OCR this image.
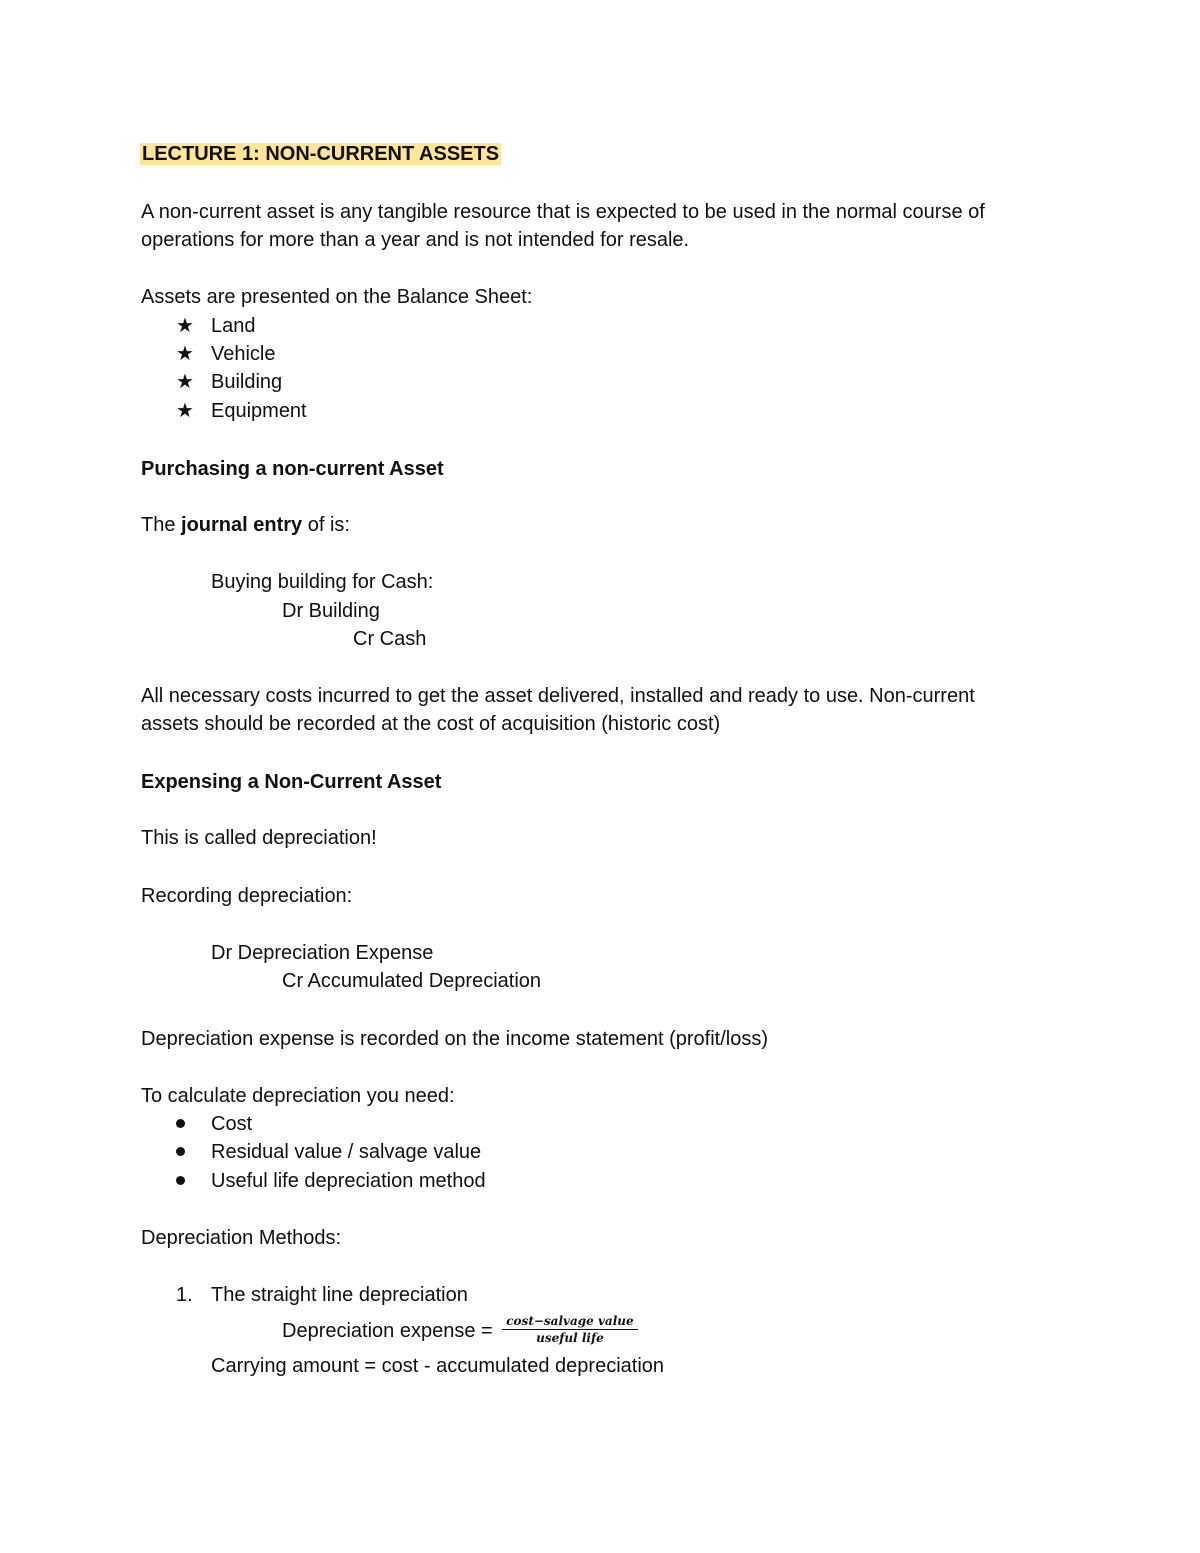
LECTURE 1: NON-CURRENT ASSETS
A non-current asset is any tangible resource that is expected to be used in the normal course of
operations for more than a year and is not intended for resale.
Assets are presented on the Balance Sheet:
★ Land
★ Vehicle
★ Building
★ Equipment
Purchasing a non-current Asset
The journal entry of is:
Buying building for Cash:
Dr Building
Cr Cash
All necessary costs incurred to get the asset delivered, installed and ready to use. Non-current
assets should be recorded at the cost of acquisition (historic cost)
Expensing a Non-Current Asset
This is called depreciation!
Recording depreciation:
Dr Depreciation Expense
Cr Accumulated Depreciation
Depreciation expense is recorded on the income statement (profit/loss)
To calculate depreciation you need:
Cost
Residual value / salvage value
Useful life depreciation method
Depreciation Methods:
1. The straight line depreciation
Depreciation expense = $\frac{\text{cost−salvage value}}{\text{useful life}}$
Carrying amount = cost - accumulated depreciation
